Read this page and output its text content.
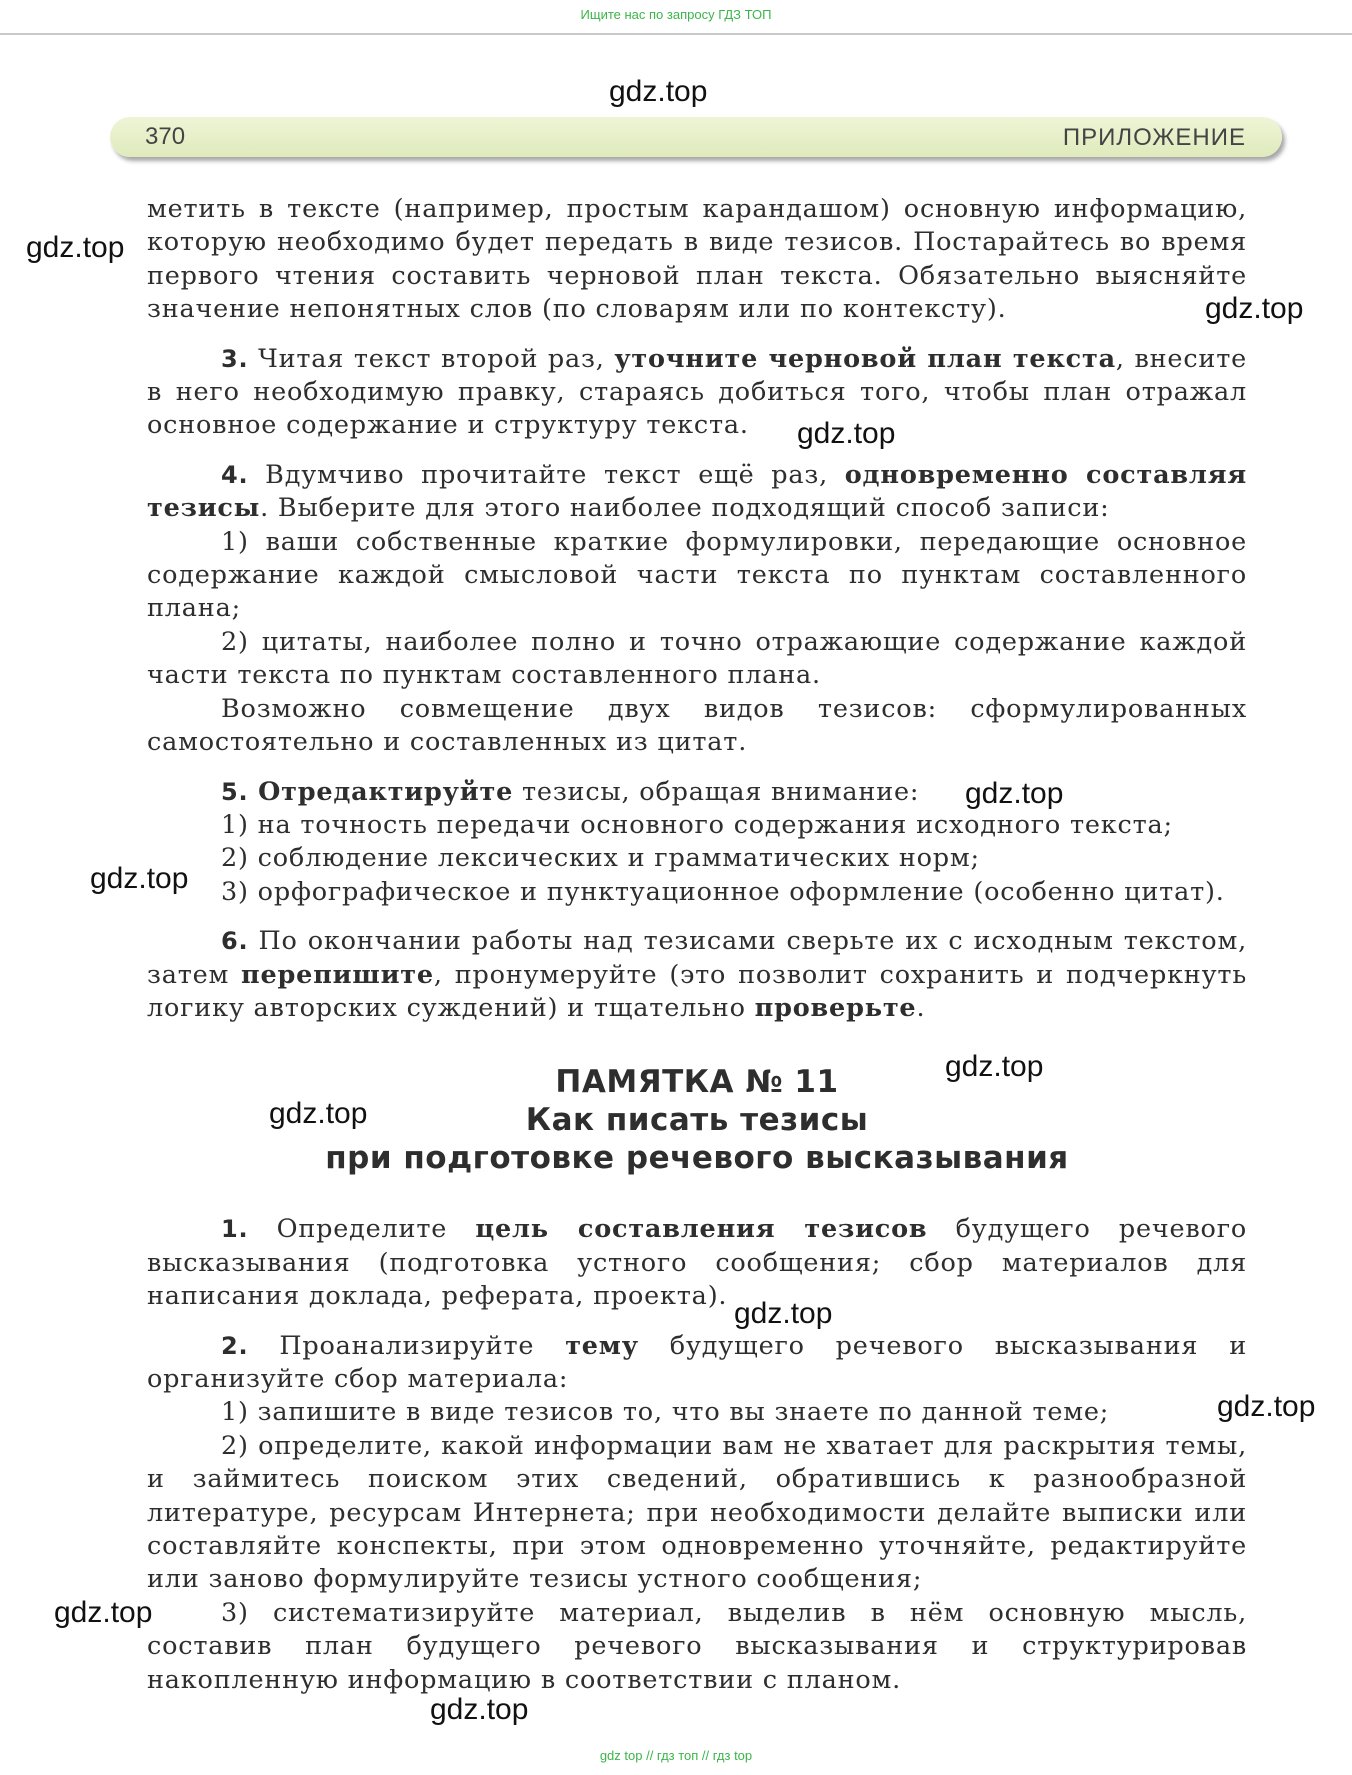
Ищите нас по запросу ГДЗ ТОП
370	ПРИЛОЖЕНИЕ

метить в тексте (например, простым карандашом) основную информацию, которую необходимо будет передать в виде тезисов. Постарайтесь во время первого чтения составить черновой план текста. Обязательно выясняйте значение непонятных слов (по словарям или по контексту).

3. Читая текст второй раз, уточните черновой план текста, внесите в него необходимую правку, стараясь добиться того, чтобы план отражал основное содержание и структуру текста.

4. Вдумчиво прочитайте текст ещё раз, одновременно составляя тезисы. Выберите для этого наиболее подходящий способ записи:

1) ваши собственные краткие формулировки, передающие основное содержание каждой смысловой части текста по пунктам составленного плана;

2) цитаты, наиболее полно и точно отражающие содержание каждой части текста по пунктам составленного плана.

Возможно совмещение двух видов тезисов: сформулированных самостоятельно и составленных из цитат.

5. Отредактируйте тезисы, обращая внимание:

1) на точность передачи основного содержания исходного текста;

2) соблюдение лексических и грамматических норм;

3) орфографическое и пунктуационное оформление (особенно цитат).

6. По окончании работы над тезисами сверьте их с исходным текстом, затем перепишите, пронумеруйте (это позволит сохранить и подчеркнуть логику авторских суждений) и тщательно проверьте.

ПАМЯТКА № 11
Как писать тезисы
при подготовке речевого высказывания

1. Определите цель составления тезисов будущего речевого высказывания (подготовка устного сообщения; сбор материалов для написания доклада, реферата, проекта).

2. Проанализируйте тему будущего речевого высказывания и организуйте сбор материала:

1) запишите в виде тезисов то, что вы знаете по данной теме;

2) определите, какой информации вам не хватает для раскрытия темы, и займитесь поиском этих сведений, обратившись к разнообразной литературе, ресурсам Интернета; при необходимости делайте выписки или составляйте конспекты, при этом одновременно уточняйте, редактируйте или заново формулируйте тезисы устного сообщения;

3) систематизируйте материал, выделив в нём основную мысль, составив план будущего речевого высказывания и структурировав накопленную информацию в соответствии с планом.

gdz.top
gdz.top
gdz.top
gdz.top
gdz.top
gdz.top
gdz.top
gdz.top
gdz.top
gdz.top
gdz.top
gdz.top
gdz top // гдз топ // гдз top
